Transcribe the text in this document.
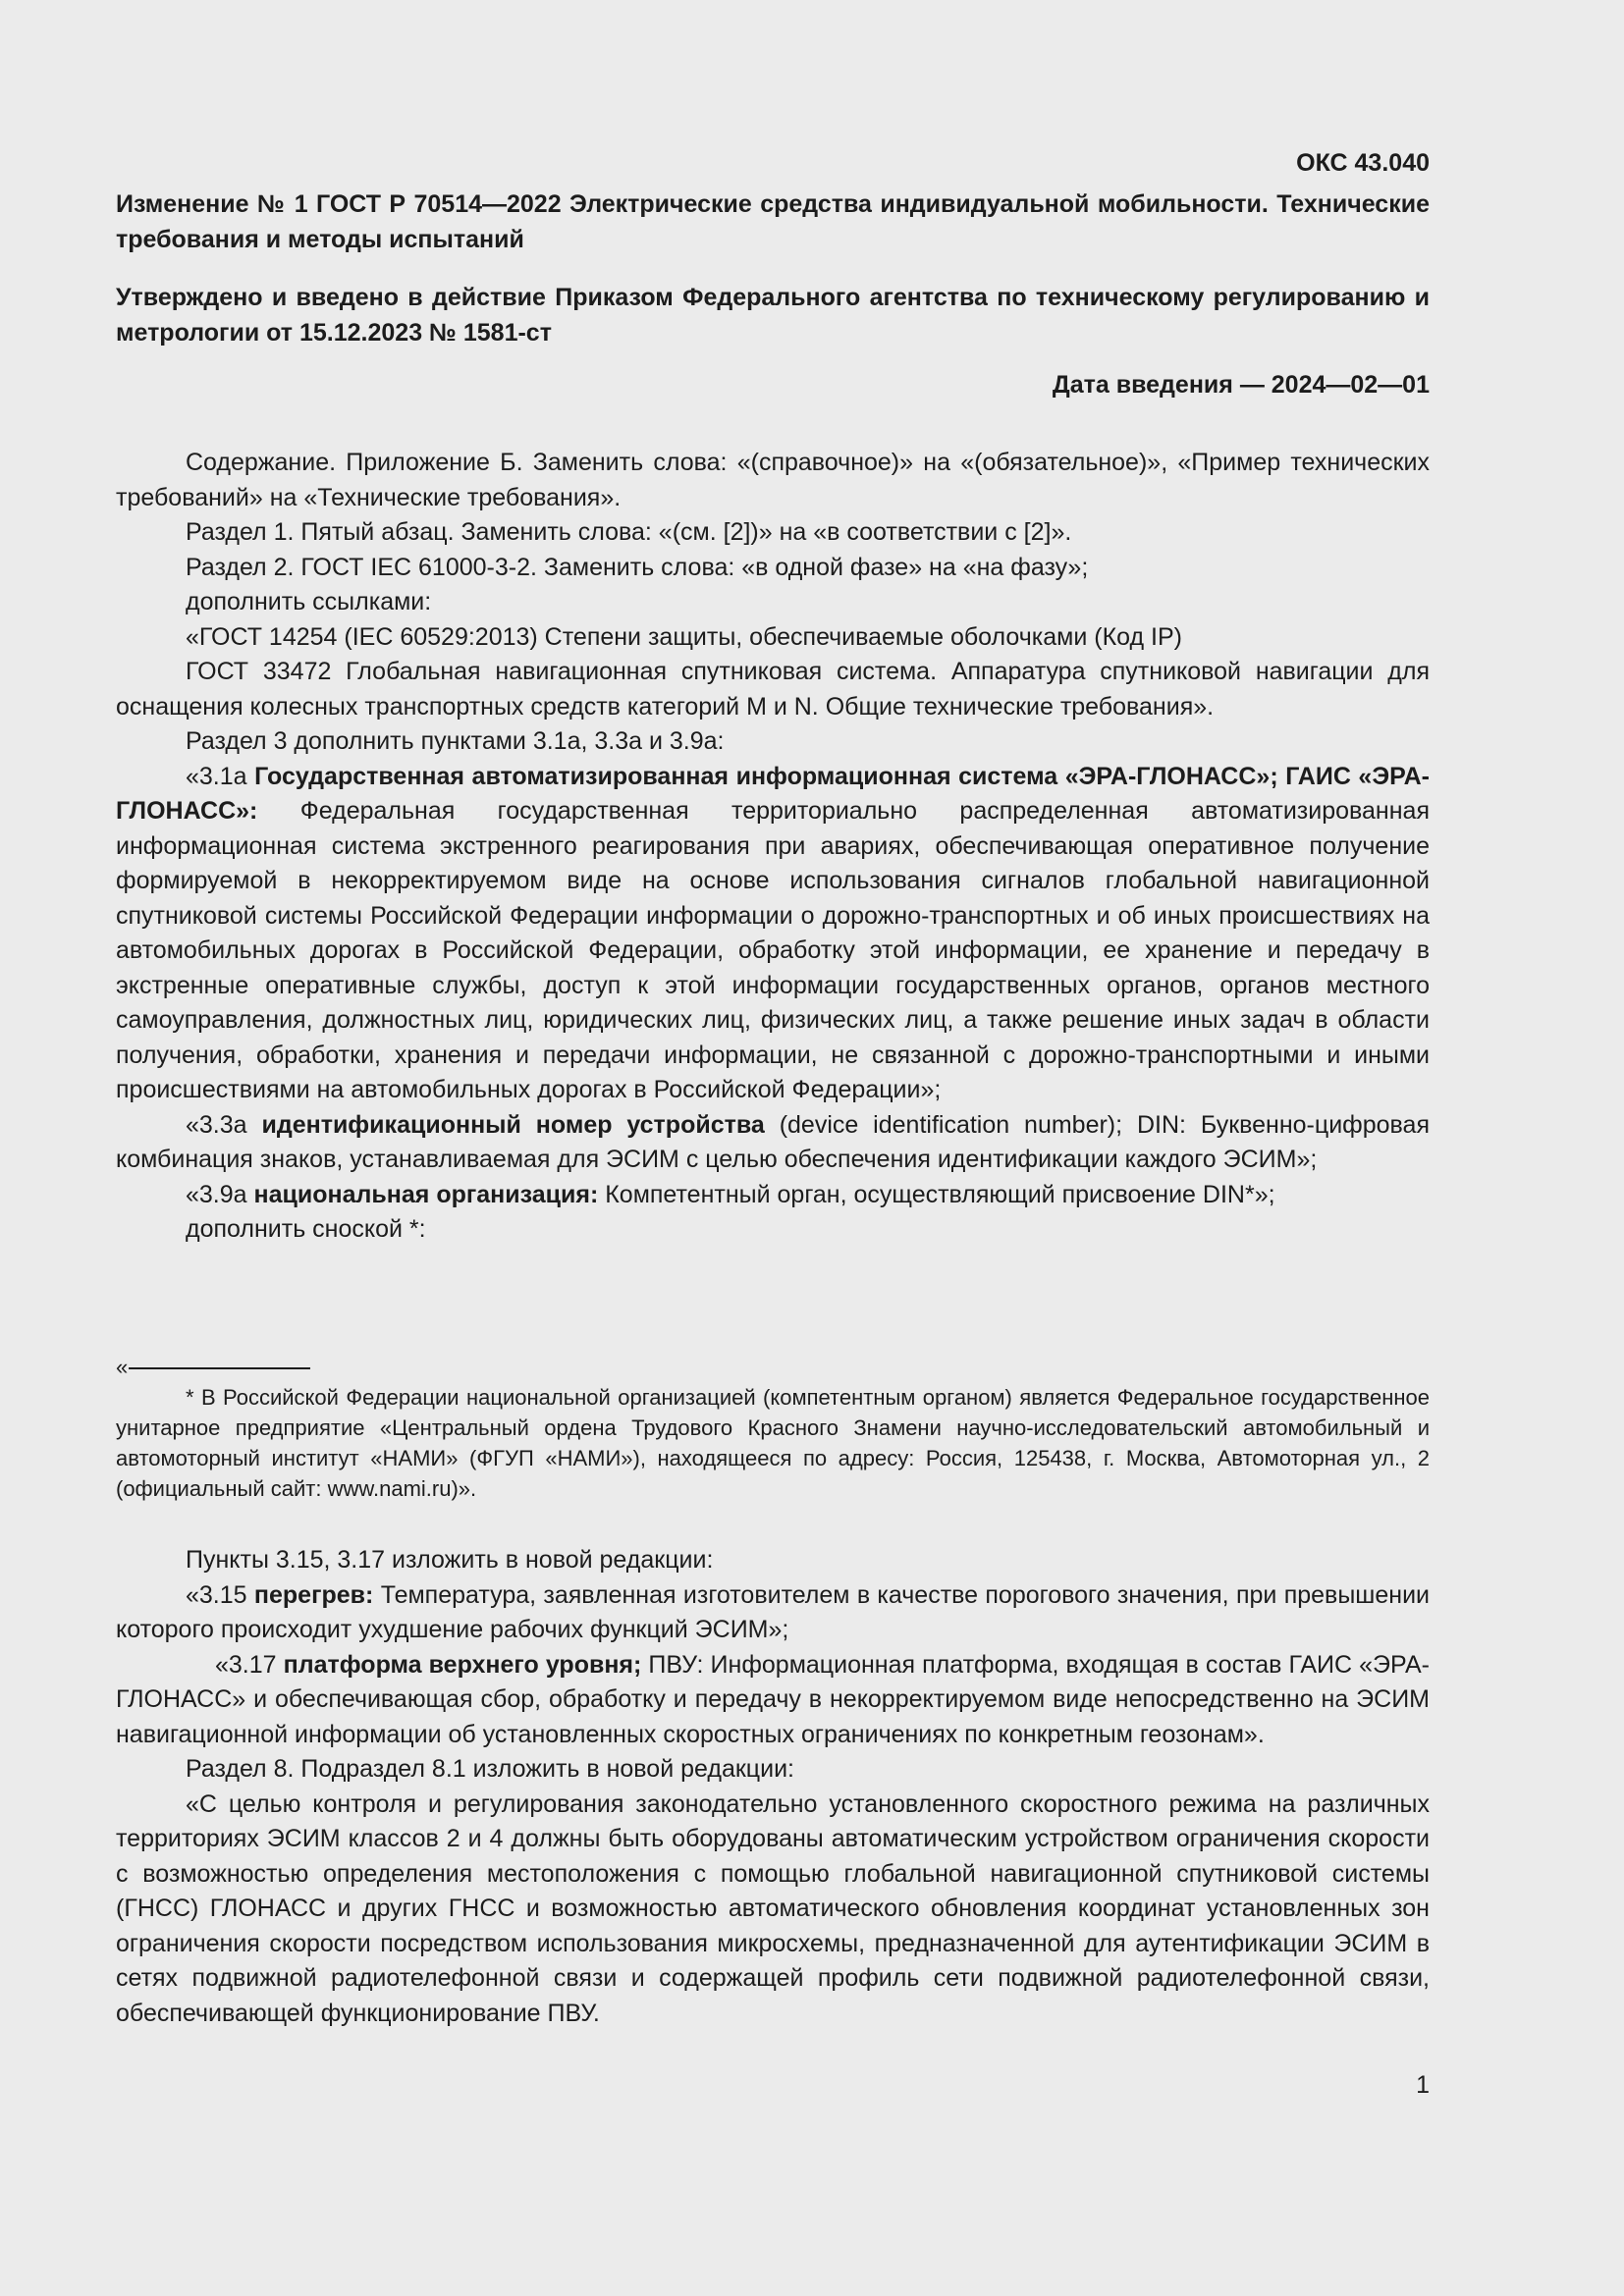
ОКС 43.040

Изменение № 1 ГОСТ Р 70514—2022 Электрические средства индивидуальной мобильности. Технические требования и методы испытаний

Утверждено и введено в действие Приказом Федерального агентства по техническому регулированию и метрологии от 15.12.2023 № 1581-ст

Дата введения — 2024—02—01

Содержание. Приложение Б. Заменить слова: «(справочное)» на «(обязательное)», «Пример технических требований» на «Технические требования».

Раздел 1. Пятый абзац. Заменить слова: «(см. [2])» на «в соответствии с [2]».

Раздел 2. ГОСТ IEC 61000-3-2. Заменить слова: «в одной фазе» на «на фазу»;

дополнить ссылками:

«ГОСТ 14254 (IEC 60529:2013) Степени защиты, обеспечиваемые оболочками (Код IP)

ГОСТ 33472 Глобальная навигационная спутниковая система. Аппаратура спутниковой навигации для оснащения колесных транспортных средств категорий M и N. Общие технические требования».

Раздел 3 дополнить пунктами 3.1а, 3.3а и 3.9а:

«3.1а Государственная автоматизированная информационная система «ЭРА-ГЛОНАСС»; ГАИС «ЭРА-ГЛОНАСС»: Федеральная государственная территориально распределенная автоматизированная информационная система экстренного реагирования при авариях, обеспечивающая оперативное получение формируемой в некорректируемом виде на основе использования сигналов глобальной навигационной спутниковой системы Российской Федерации информации о дорожно-транспортных и об иных происшествиях на автомобильных дорогах в Российской Федерации, обработку этой информации, ее хранение и передачу в экстренные оперативные службы, доступ к этой информации государственных органов, органов местного самоуправления, должностных лиц, юридических лиц, физических лиц, а также решение иных задач в области получения, обработки, хранения и передачи информации, не связанной с дорожно-транспортными и иными происшествиями на автомобильных дорогах в Российской Федерации»;

«3.3а идентификационный номер устройства (device identification number); DIN: Буквенно-цифровая комбинация знаков, устанавливаемая для ЭСИМ с целью обеспечения идентификации каждого ЭСИМ»;

«3.9а национальная организация: Компетентный орган, осуществляющий присвоение DIN*»;

дополнить сноской *:

«

* В Российской Федерации национальной организацией (компетентным органом) является Федеральное государственное унитарное предприятие «Центральный ордена Трудового Красного Знамени научно-исследовательский автомобильный и автомоторный институт «НАМИ» (ФГУП «НАМИ»), находящееся по адресу: Россия, 125438, г. Москва, Автомоторная ул., 2 (официальный сайт: www.nami.ru)».

Пункты 3.15, 3.17 изложить в новой редакции:

«3.15 перегрев: Температура, заявленная изготовителем в качестве порогового значения, при превышении которого происходит ухудшение рабочих функций ЭСИМ»;

«3.17 платформа верхнего уровня; ПВУ: Информационная платформа, входящая в состав ГАИС «ЭРА-ГЛОНАСС» и обеспечивающая сбор, обработку и передачу в некорректируемом виде непосредственно на ЭСИМ навигационной информации об установленных скоростных ограничениях по конкретным геозонам».

Раздел 8. Подраздел 8.1 изложить в новой редакции:

«С целью контроля и регулирования законодательно установленного скоростного режима на различных территориях ЭСИМ классов 2 и 4 должны быть оборудованы автоматическим устройством ограничения скорости с возможностью определения местоположения с помощью глобальной навигационной спутниковой системы (ГНСС) ГЛОНАСС и других ГНСС и возможностью автоматического обновления координат установленных зон ограничения скорости посредством использования микросхемы, предназначенной для аутентификации ЭСИМ в сетях подвижной радиотелефонной связи и содержащей профиль сети подвижной радиотелефонной связи, обеспечивающей функционирование ПВУ.

1
